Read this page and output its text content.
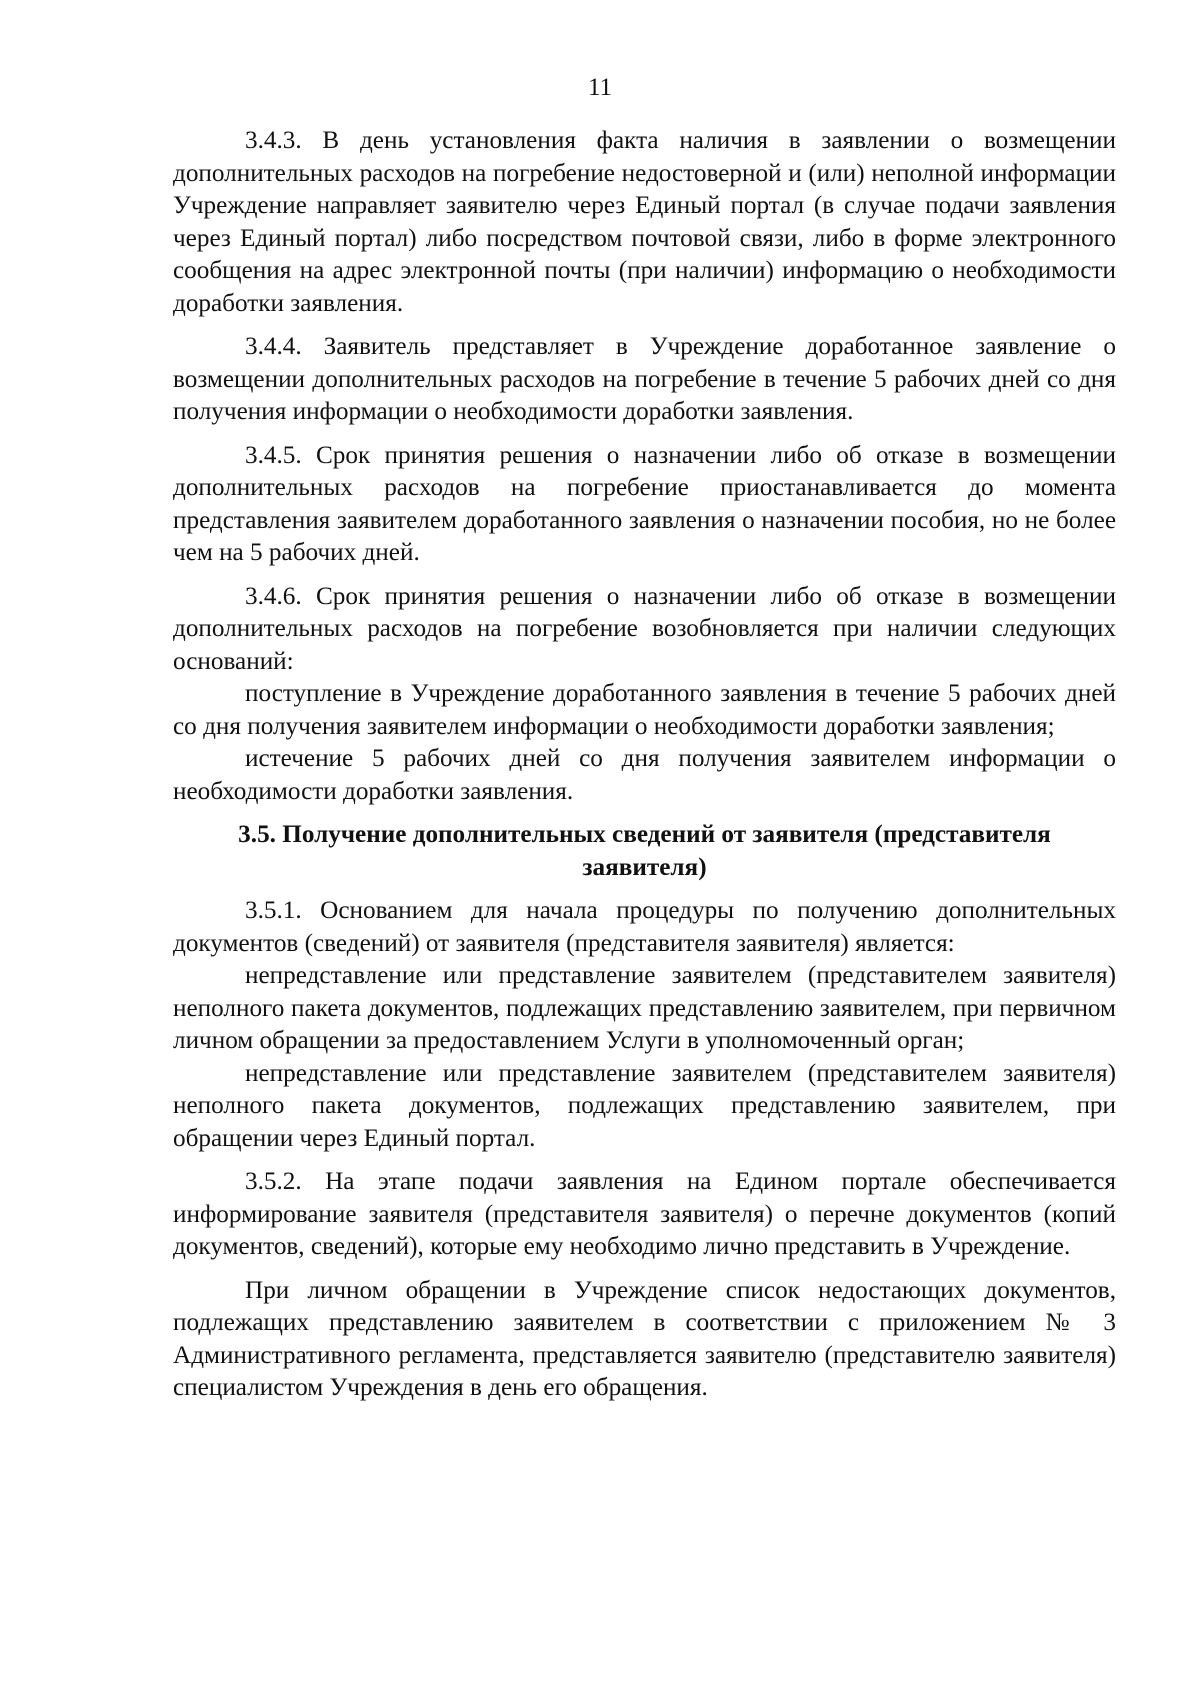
11

3.4.3. В день установления факта наличия в заявлении о возмещении дополнительных расходов на погребение недостоверной и (или) неполной информации Учреждение направляет заявителю через Единый портал (в случае подачи заявления через Единый портал) либо посредством почтовой связи, либо в форме электронного сообщения на адрес электронной почты (при наличии) информацию о необходимости доработки заявления.

3.4.4. Заявитель представляет в Учреждение доработанное заявление о возмещении дополнительных расходов на погребение в течение 5 рабочих дней со дня получения информации о необходимости доработки заявления.

3.4.5. Срок принятия решения о назначении либо об отказе в возмещении дополнительных расходов на погребение приостанавливается до момента представления заявителем доработанного заявления о назначении пособия, но не более чем на 5 рабочих дней.

3.4.6. Срок принятия решения о назначении либо об отказе в возмещении дополнительных расходов на погребение возобновляется при наличии следующих оснований:

поступление в Учреждение доработанного заявления в течение 5 рабочих дней со дня получения заявителем информации о необходимости доработки заявления;

истечение 5 рабочих дней со дня получения заявителем информации о необходимости доработки заявления.

3.5. Получение дополнительных сведений от заявителя (представителя заявителя)

3.5.1. Основанием для начала процедуры по получению дополнительных документов (сведений) от заявителя (представителя заявителя) является:

непредставление или представление заявителем (представителем заявителя) неполного пакета документов, подлежащих представлению заявителем, при первичном личном обращении за предоставлением Услуги в уполномоченный орган;

непредставление или представление заявителем (представителем заявителя) неполного пакета документов, подлежащих представлению заявителем, при обращении через Единый портал.

3.5.2. На этапе подачи заявления на Едином портале обеспечивается информирование заявителя (представителя заявителя) о перечне документов (копий документов, сведений), которые ему необходимо лично представить в Учреждение.

При личном обращении в Учреждение список недостающих документов, подлежащих представлению заявителем в соответствии с приложением № 3 Административного регламента, представляется заявителю (представителю заявителя) специалистом Учреждения в день его обращения.
